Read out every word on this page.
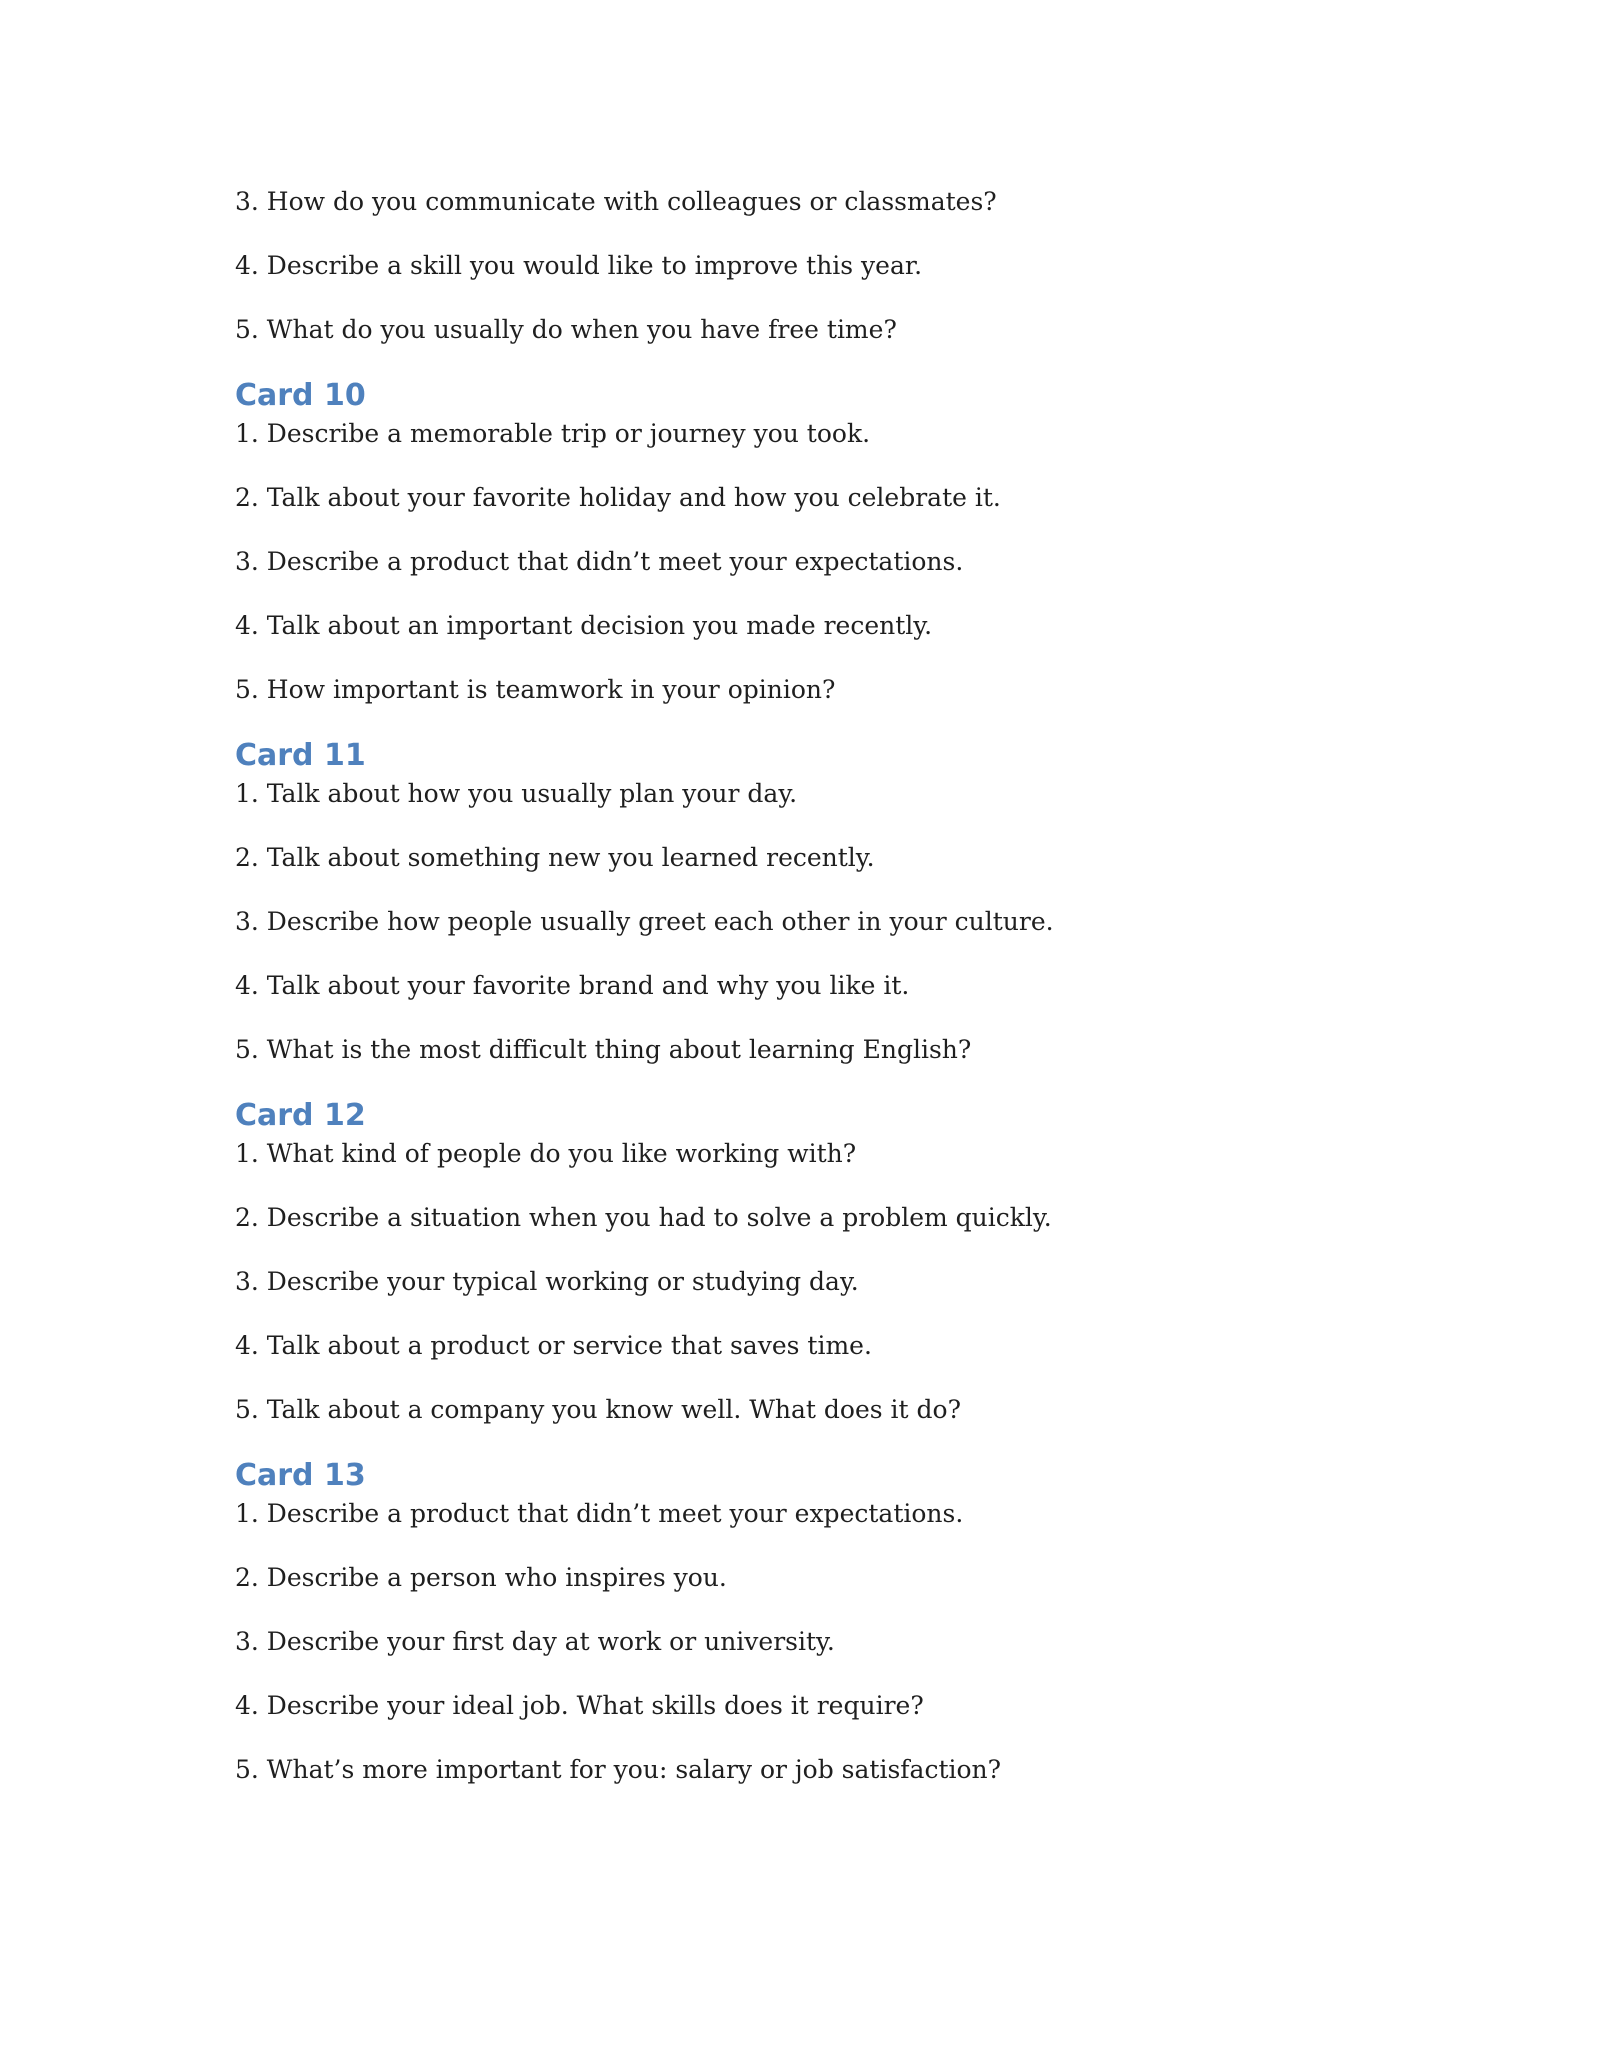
3. How do you communicate with colleagues or classmates?
4. Describe a skill you would like to improve this year.
5. What do you usually do when you have free time?
Card 10
1. Describe a memorable trip or journey you took.
2. Talk about your favorite holiday and how you celebrate it.
3. Describe a product that didn’t meet your expectations.
4. Talk about an important decision you made recently.
5. How important is teamwork in your opinion?
Card 11
1. Talk about how you usually plan your day.
2. Talk about something new you learned recently.
3. Describe how people usually greet each other in your culture.
4. Talk about your favorite brand and why you like it.
5. What is the most difficult thing about learning English?
Card 12
1. What kind of people do you like working with?
2. Describe a situation when you had to solve a problem quickly.
3. Describe your typical working or studying day.
4. Talk about a product or service that saves time.
5. Talk about a company you know well. What does it do?
Card 13
1. Describe a product that didn’t meet your expectations.
2. Describe a person who inspires you.
3. Describe your first day at work or university.
4. Describe your ideal job. What skills does it require?
5. What’s more important for you: salary or job satisfaction?
